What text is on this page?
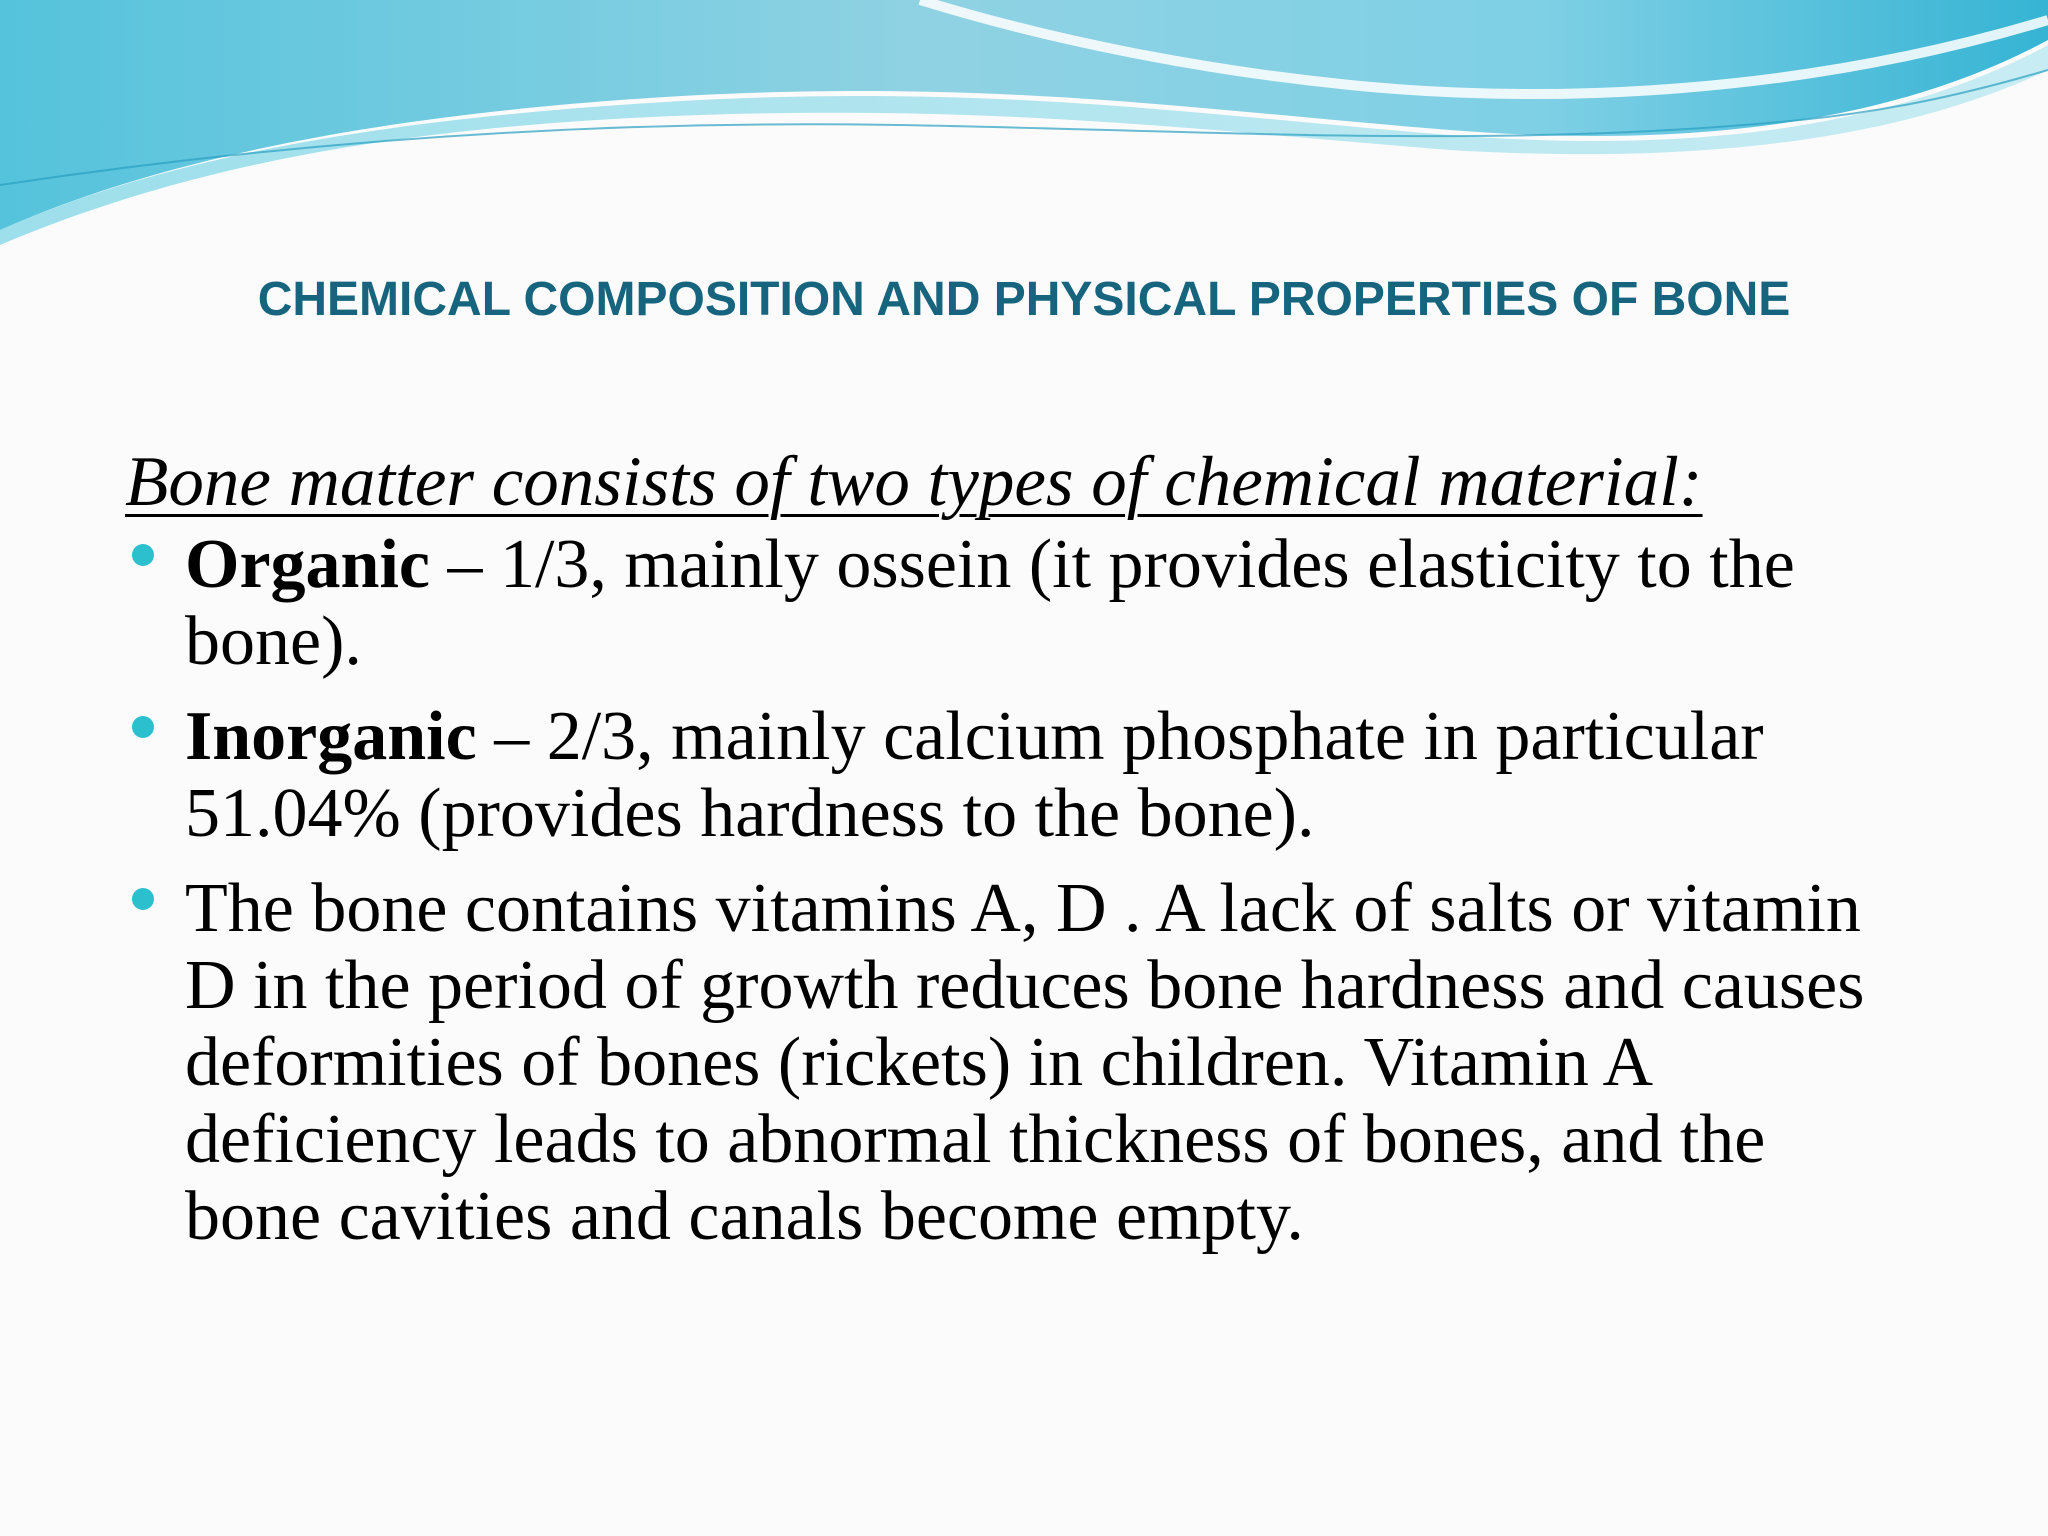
CHEMICAL COMPOSITION AND PHYSICAL PROPERTIES OF BONE

Bone matter consists of two types of chemical material:

Organic – 1/3, mainly ossein (it provides elasticity to the bone).
Inorganic – 2/3, mainly calcium phosphate in particular 51.04% (provides hardness to the bone).
The bone contains vitamins A, D . A lack of salts or vitamin D in the period of growth reduces bone hardness and causes deformities of bones (rickets) in children. Vitamin A deficiency leads to abnormal thickness of bones, and the bone cavities and canals become empty.
